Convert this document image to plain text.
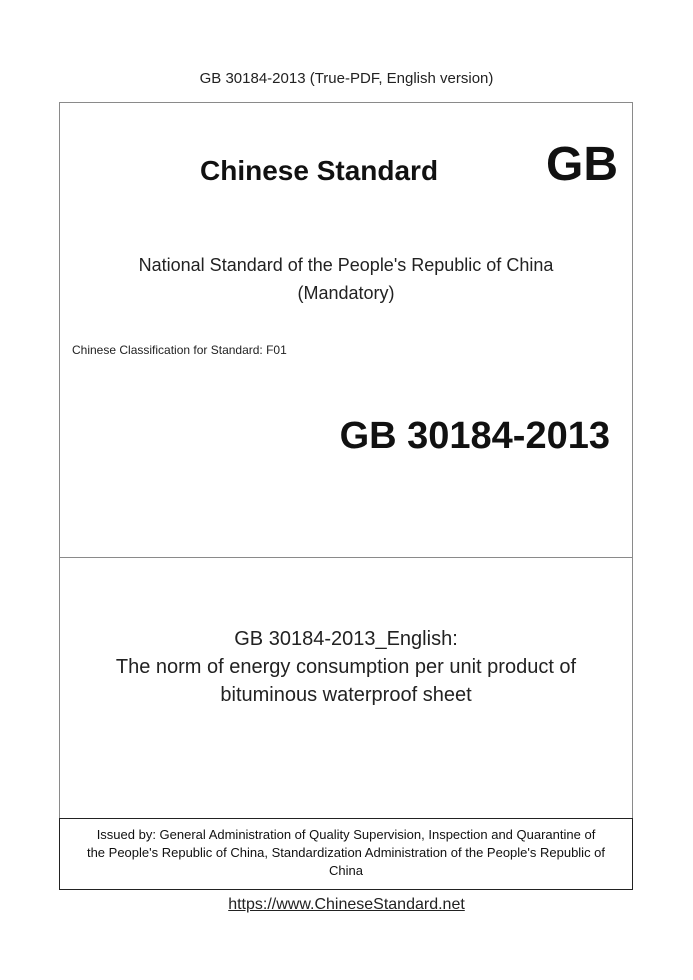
GB 30184-2013 (True-PDF, English version)
Chinese Standard GB
National Standard of the People's Republic of China
(Mandatory)
Chinese Classification for Standard: F01
GB 30184-2013
GB 30184-2013_English:
The norm of energy consumption per unit product of
bituminous waterproof sheet
Issued by: General Administration of Quality Supervision, Inspection and Quarantine of
the People's Republic of China, Standardization Administration of the People's Republic of
China
https://www.ChineseStandard.net
